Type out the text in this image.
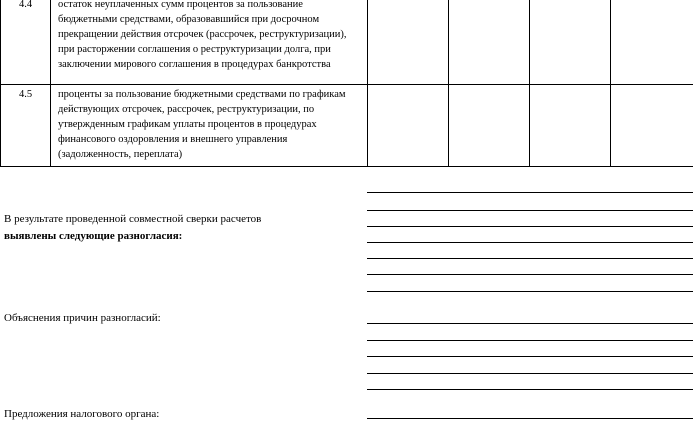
4.4	остаток неуплаченных сумм процентов за пользование бюджетными средствами, образовавшийся при досрочном прекращении действия отсрочек (рассрочек, реструктуризации), при расторжении соглашения о реструктуризации долга, при заключении мирового соглашения в процедурах банкротства				
4.5	проценты за пользование бюджетными средствами по графикам действующих отсрочек, рассрочек, реструктуризации, по утвержденным графикам уплаты процентов в процедурах финансового оздоровления и внешнего управления (задолженность, переплата)				
В результате проведенной совместной сверки расчетов
выявлены следующие разногласия:
Объяснения причин разногласий:
Предложения налогового органа:
